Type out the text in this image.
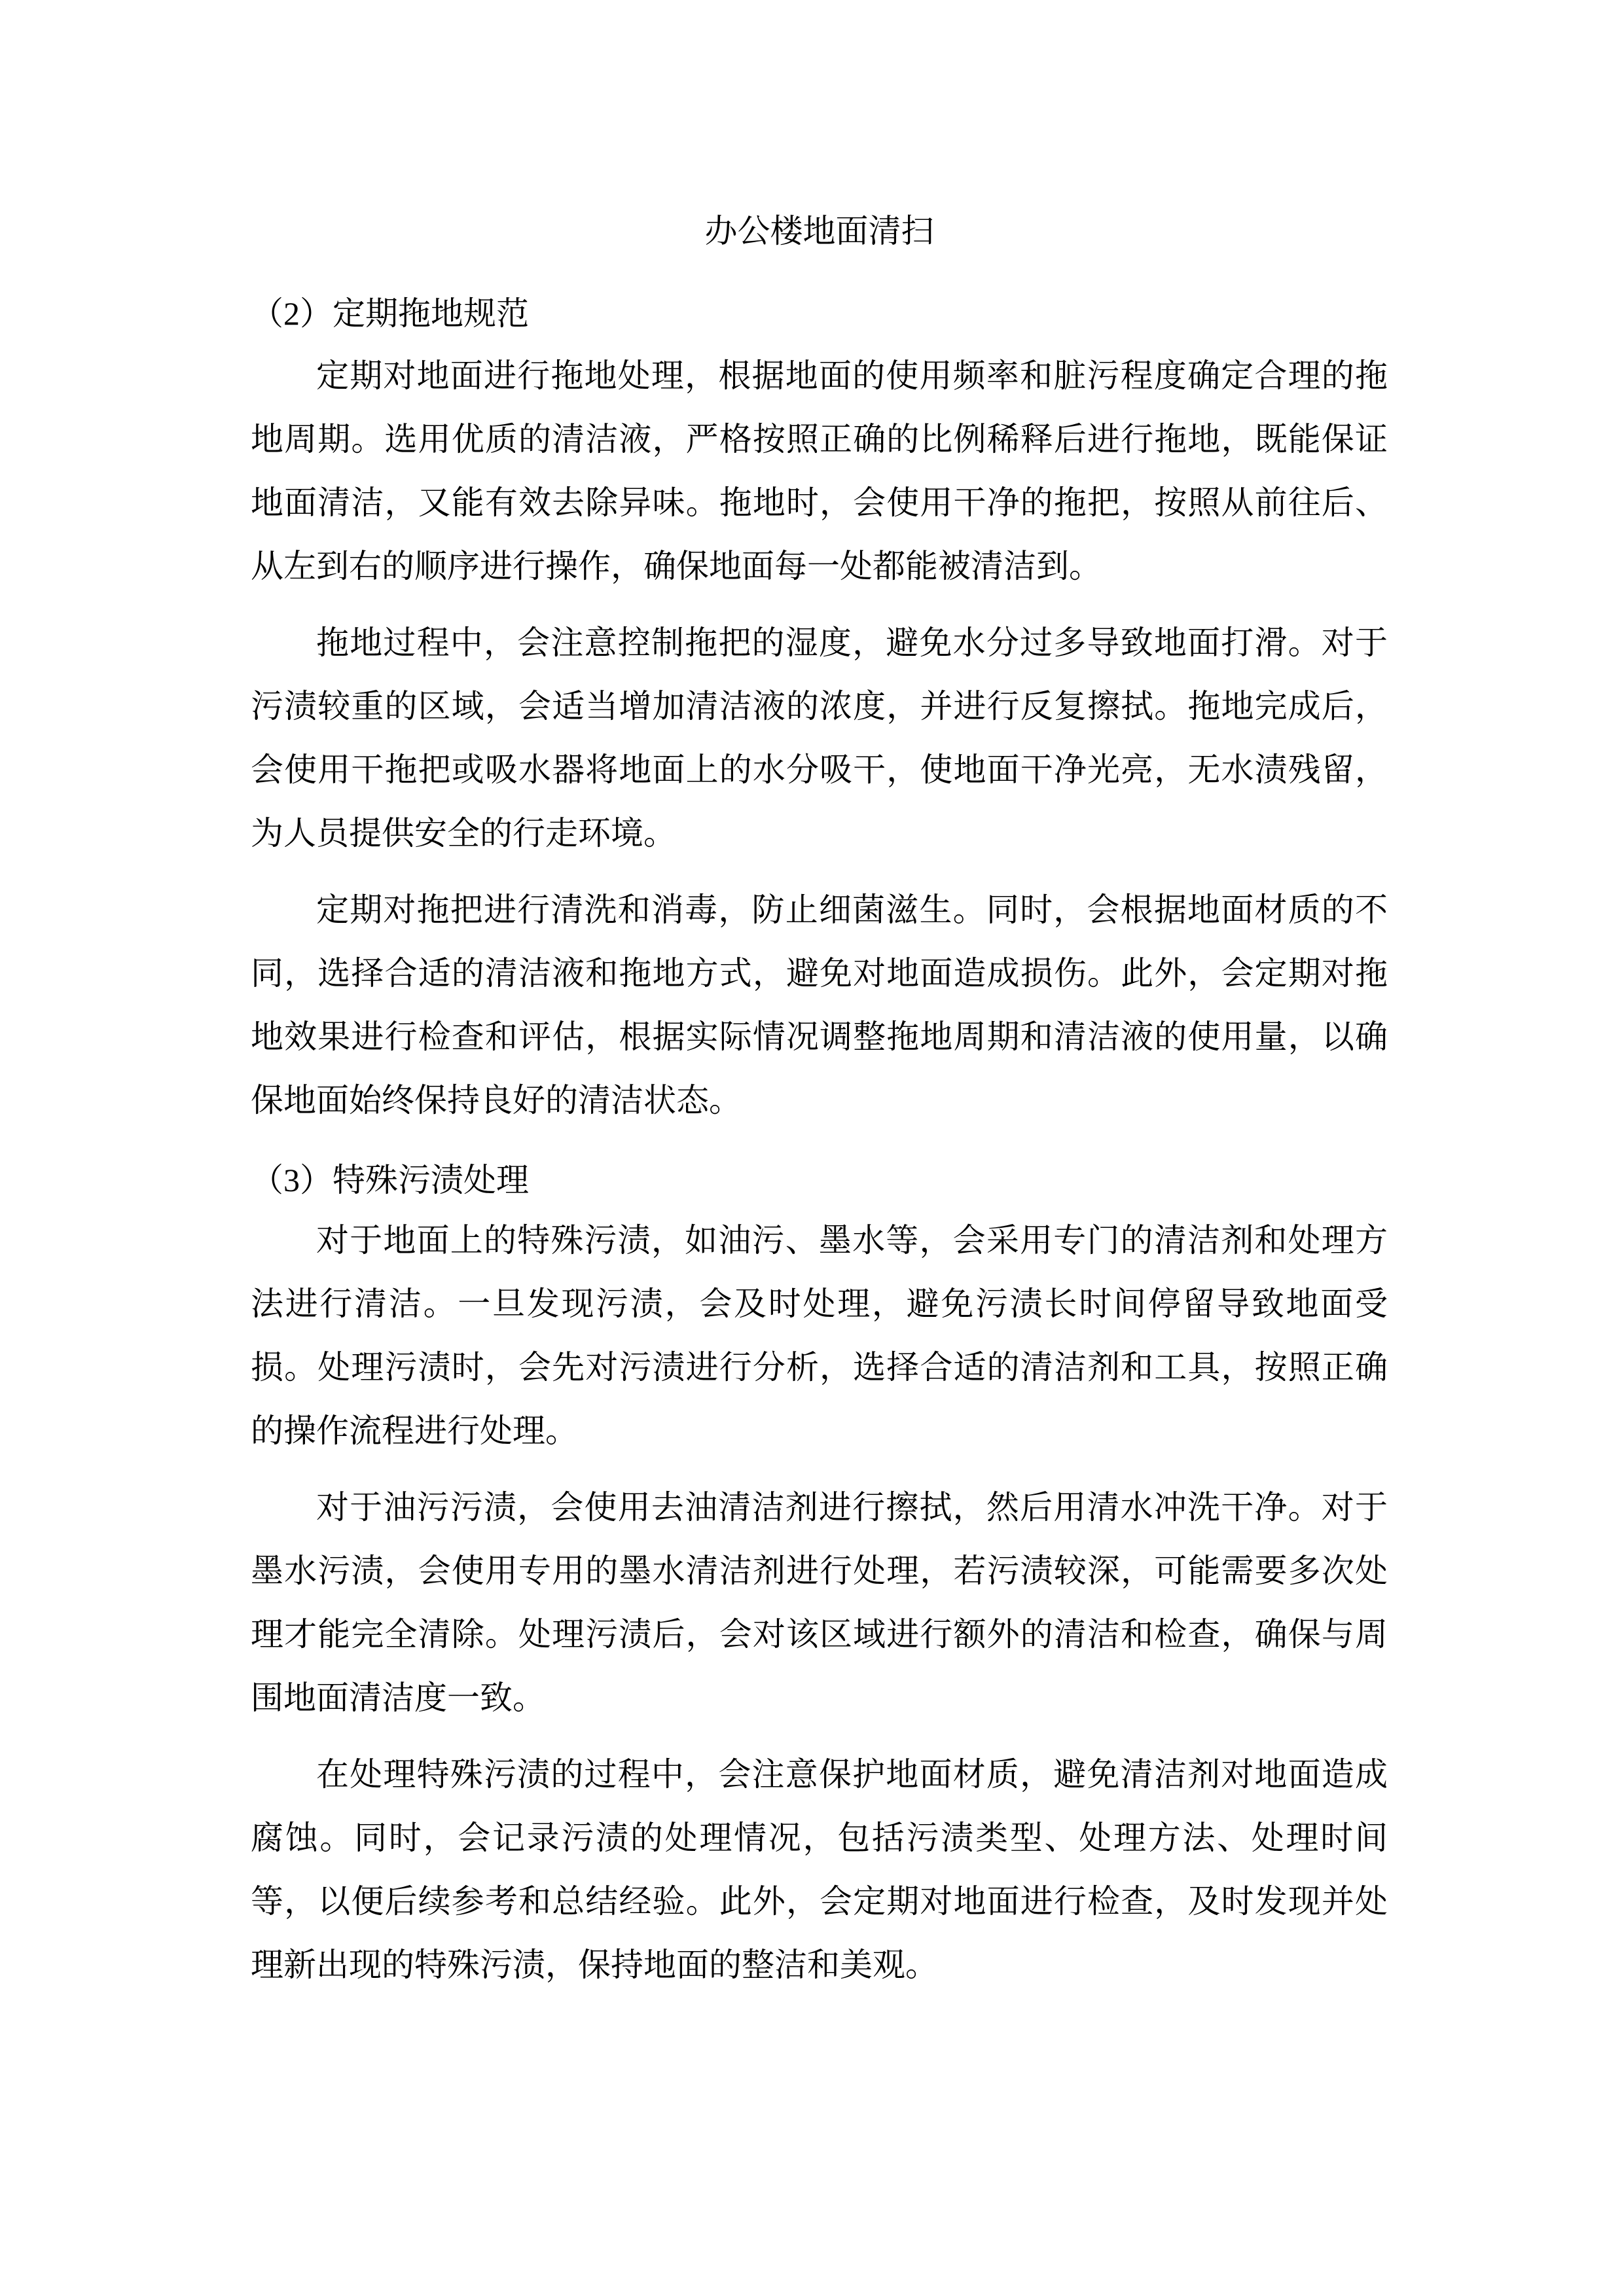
办公楼地面清扫
（2）定期拖地规范
定期对地面进行拖地处理，根据地面的使用频率和脏污程度确定合理的拖
地周期。选用优质的清洁液，严格按照正确的比例稀释后进行拖地，既能保证
地面清洁，又能有效去除异味。拖地时，会使用干净的拖把，按照从前往后、
从左到右的顺序进行操作，确保地面每一处都能被清洁到。
拖地过程中，会注意控制拖把的湿度，避免水分过多导致地面打滑。对于
污渍较重的区域，会适当增加清洁液的浓度，并进行反复擦拭。拖地完成后，
会使用干拖把或吸水器将地面上的水分吸干，使地面干净光亮，无水渍残留，
为人员提供安全的行走环境。
定期对拖把进行清洗和消毒，防止细菌滋生。同时，会根据地面材质的不
同，选择合适的清洁液和拖地方式，避免对地面造成损伤。此外，会定期对拖
地效果进行检查和评估，根据实际情况调整拖地周期和清洁液的使用量，以确
保地面始终保持良好的清洁状态。
（3）特殊污渍处理
对于地面上的特殊污渍，如油污、墨水等，会采用专门的清洁剂和处理方
法进行清洁。一旦发现污渍，会及时处理，避免污渍长时间停留导致地面受
损。处理污渍时，会先对污渍进行分析，选择合适的清洁剂和工具，按照正确
的操作流程进行处理。
对于油污污渍，会使用去油清洁剂进行擦拭，然后用清水冲洗干净。对于
墨水污渍，会使用专用的墨水清洁剂进行处理，若污渍较深，可能需要多次处
理才能完全清除。处理污渍后，会对该区域进行额外的清洁和检查，确保与周
围地面清洁度一致。
在处理特殊污渍的过程中，会注意保护地面材质，避免清洁剂对地面造成
腐蚀。同时，会记录污渍的处理情况，包括污渍类型、处理方法、处理时间
等，以便后续参考和总结经验。此外，会定期对地面进行检查，及时发现并处
理新出现的特殊污渍，保持地面的整洁和美观。
